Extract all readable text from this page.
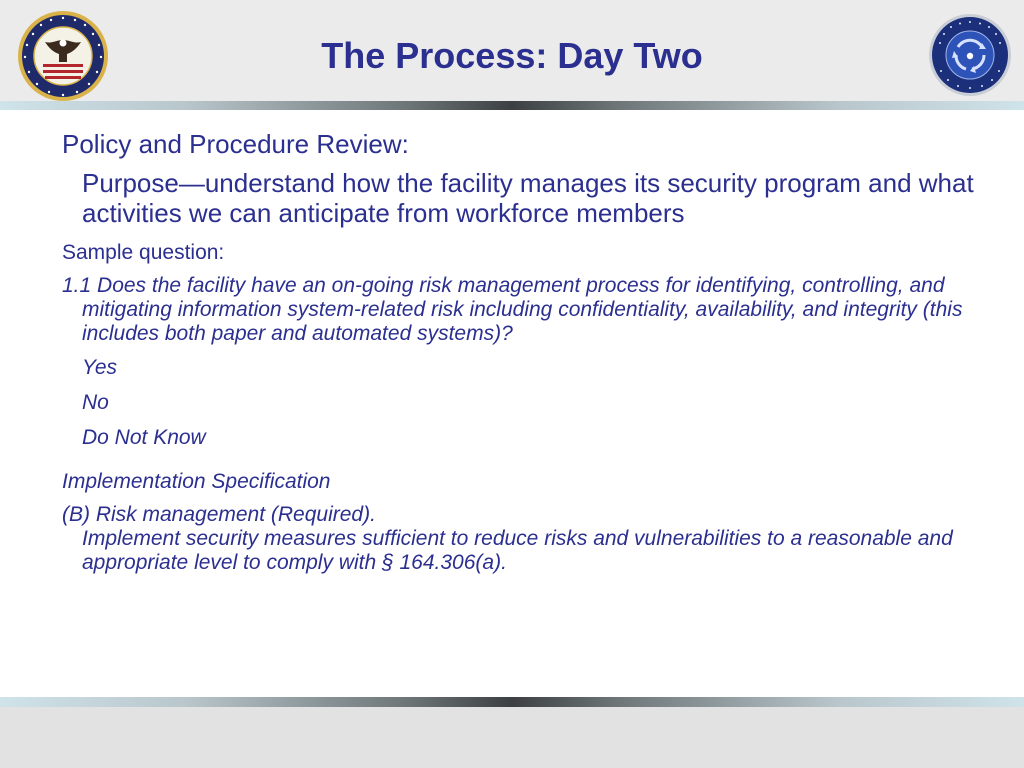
The Process: Day Two

Policy and Procedure Review:

Purpose—understand how the facility manages its security program and what activities we can anticipate from workforce members

Sample question:

1.1 Does the facility have an on-going risk management process for identifying, controlling, and mitigating information system-related risk including confidentiality, availability, and integrity (this includes both paper and automated systems)?

Yes

No

Do Not Know

Implementation Specification

(B) Risk management (Required).

Implement security measures sufficient to reduce risks and vulnerabilities to a reasonable and appropriate level to comply with § 164.306(a).
